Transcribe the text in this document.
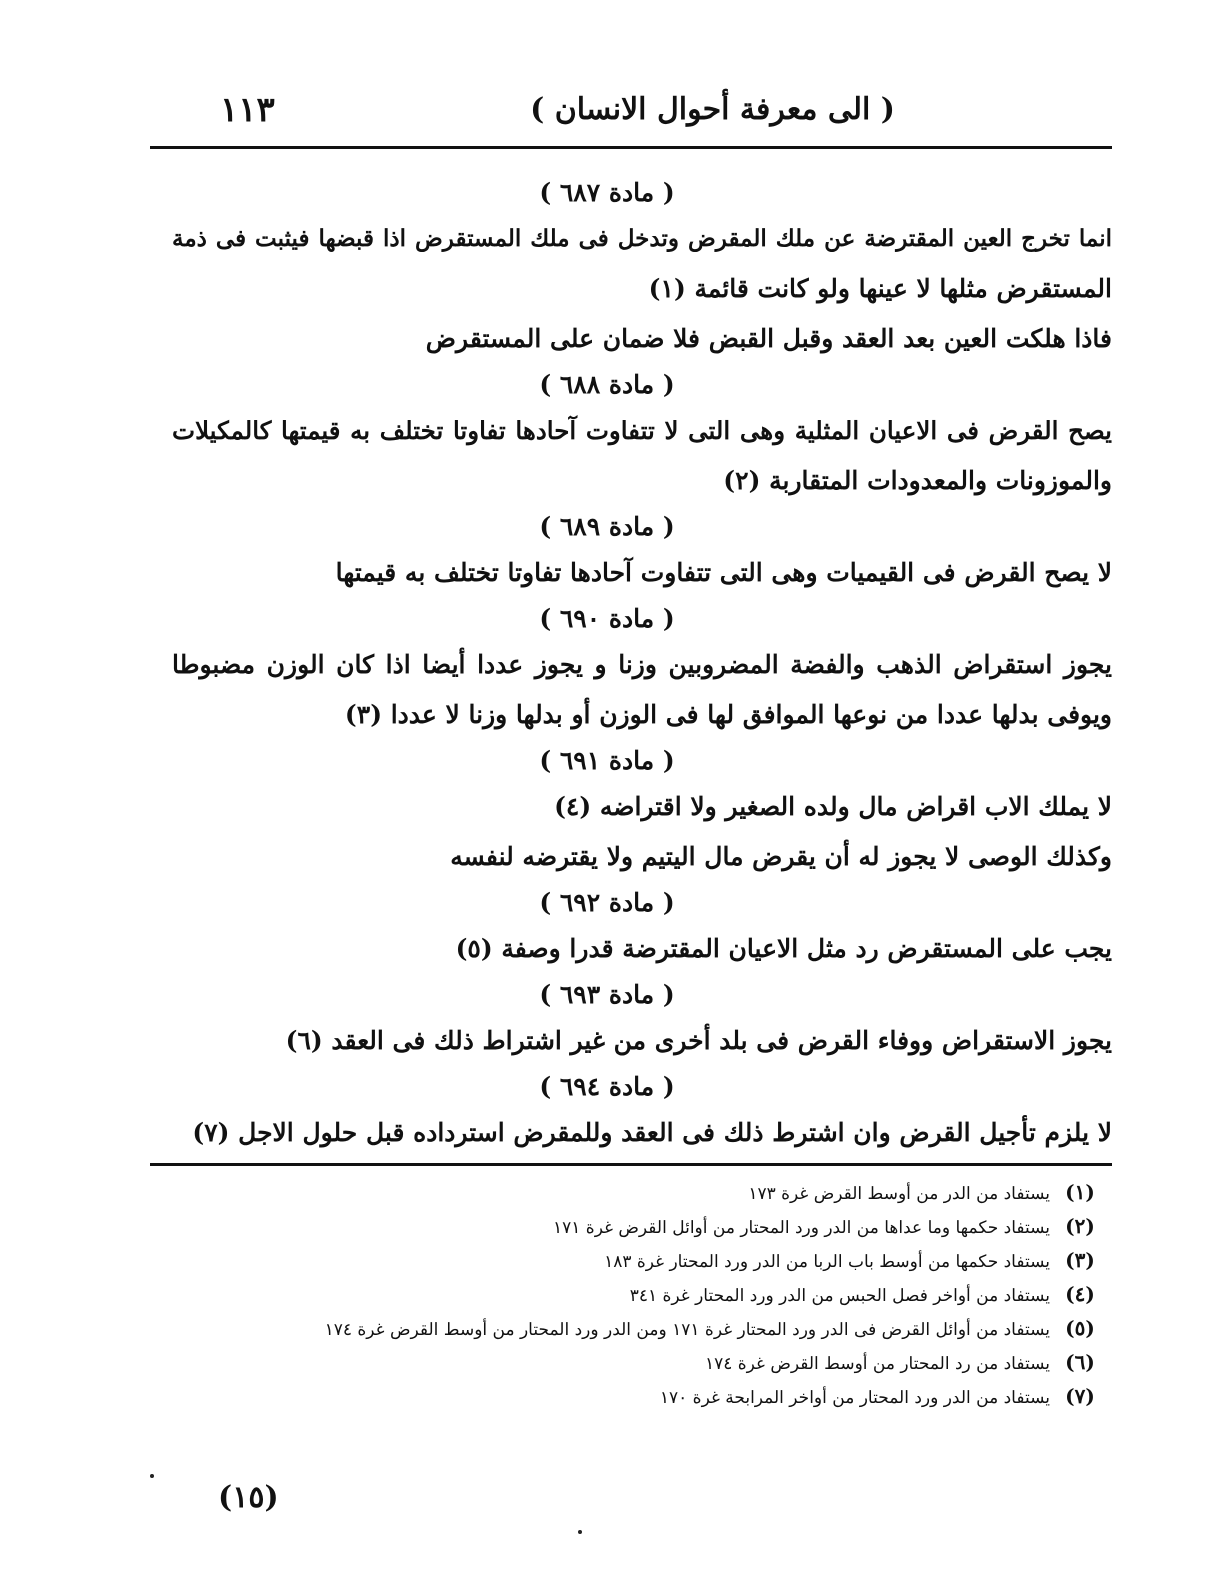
( الى معرفة أحوال الانسان )
١١٣
( مادة ٦٨٧ )
انما تخرج العين المقترضة عن ملك المقرض وتدخل فى ملك المستقرض اذا قبضها فيثبت فى ذمة
المستقرض مثلها لا عينها ولو كانت قائمة (١)
فاذا هلكت العين بعد العقد وقبل القبض فلا ضمان على المستقرض
( مادة ٦٨٨ )
يصح القرض فى الاعيان المثلية وهى التى لا تتفاوت آحادها تفاوتا تختلف به قيمتها كالمكيلات
والموزونات والمعدودات المتقاربة (٢)
( مادة ٦٨٩ )
لا يصح القرض فى القيميات وهى التى تتفاوت آحادها تفاوتا تختلف به قيمتها
( مادة ٦٩٠ )
يجوز استقراض الذهب والفضة المضروبين وزنا و يجوز عددا أيضا اذا كان الوزن مضبوطا
ويوفى بدلها عددا من نوعها الموافق لها فى الوزن أو بدلها وزنا لا عددا (٣)
( مادة ٦٩١ )
لا يملك الاب اقراض مال ولده الصغير ولا اقتراضه (٤)
وكذلك الوصى لا يجوز له أن يقرض مال اليتيم ولا يقترضه لنفسه
( مادة ٦٩٢ )
يجب على المستقرض رد مثل الاعيان المقترضة قدرا وصفة (٥)
( مادة ٦٩٣ )
يجوز الاستقراض ووفاء القرض فى بلد أخرى من غير اشتراط ذلك فى العقد (٦)
( مادة ٦٩٤ )
لا يلزم تأجيل القرض وان اشترط ذلك فى العقد وللمقرض استرداده قبل حلول الاجل (٧)
(١)يستفاد من الدر من أوسط القرض غرة ١٧٣
(٢)يستفاد حكمها وما عداها من الدر ورد المحتار من أوائل القرض غرة ١٧١
(٣)يستفاد حكمها من أوسط باب الربا من الدر ورد المحتار غرة ١٨٣
(٤)يستفاد من أواخر فصل الحبس من الدر ورد المحتار غرة ٣٤١
(٥)يستفاد من أوائل القرض فى الدر ورد المحتار غرة ١٧١ ومن الدر ورد المحتار من أوسط القرض غرة ١٧٤
(٦)يستفاد من رد المحتار من أوسط القرض غرة ١٧٤
(٧)يستفاد من الدر ورد المحتار من أواخر المرابحة غرة ١٧٠
(١٥)
